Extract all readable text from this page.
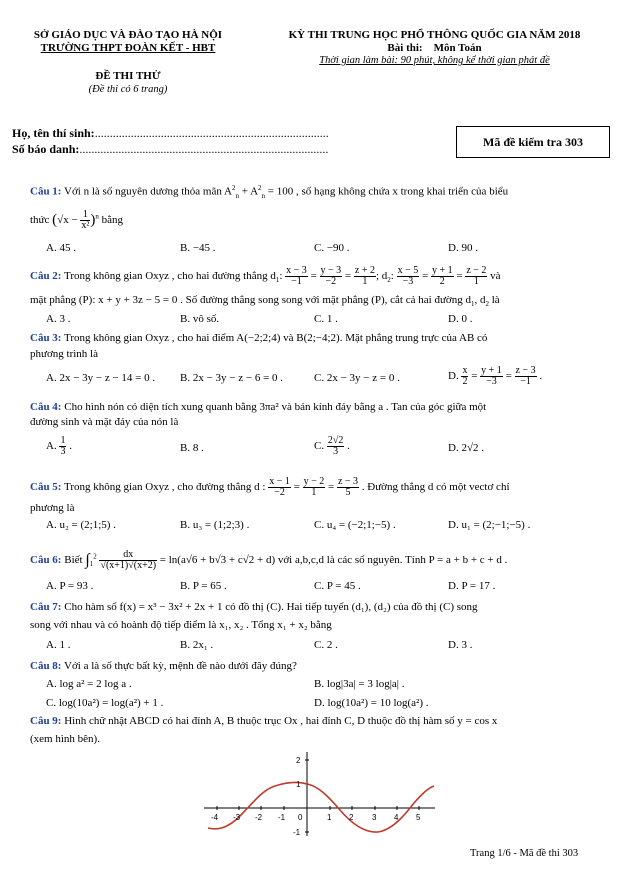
SỞ GIÁO DỤC VÀ ĐÀO TẠO HÀ NỘI
TRƯỜNG THPT ĐOÀN KẾT - HBT
ĐỀ THI THỬ
(Đề thi có 6 trang)
KỲ THI TRUNG HỌC PHỔ THÔNG QUỐC GIA NĂM 2018
Bài thi: Môn Toán
Thời gian làm bài: 90 phút, không kể thời gian phát đề
Họ, tên thí sinh:..............................................................................
Số báo danh:...................................................................................	Mã đề kiểm tra 303
Câu 1: Với n là số nguyên dương thỏa mãn $A^2_n + A^2_n = 100$ , số hạng không chứa x trong khai triển của biểu
thức $(√x - \frac{1}{\text{x²}} )^n$ bằng
A. 45 .	B. −45 .	C. −90 .	D. 90 .
Câu 2: Trong không gian Oxyz , cho hai đường thẳng $d_1$: $\frac{x - 3}{-1} = \frac{y - 3}{-2} = \frac{z + 2}{1}$ ; $d_2$: $\frac{x - 5}{-3} = \frac{y + 1}{2} = \frac{z - 2}{1}$ và
mặt phẳng (P): x + y + 3z − 5 = 0 . Số đường thẳng song song với mặt phẳng (P), cắt cả hai đường $d_1$, $d_2$ là
A. 3 .	B. vô số.	C. 1 .	D. 0 .
Câu 3: Trong không gian Oxyz , cho hai điểm A(−2;2;4) và B(2;−4;2). Mặt phẳng trung trực của AB có
phương trình là
A. 2x − 3y − z − 14 = 0 . B. 2x − 3y − z − 6 = 0 .	C. 2x − 3y − z = 0 .	D. $\frac{x}{2} = \frac{y + 1}{-3} = \frac{z - 3}{-1}$ .
Câu 4: Cho hình nón có diện tích xung quanh bằng 3πa² và bán kính đáy bằng a . Tan của góc giữa một
đường sinh và mặt đáy của nón là
A. $\frac{1}{3}$ .	B. 8 .	C. $\frac{2√2}{3}$ .	D. 2√2 .
Câu 5: Trong không gian Oxyz , cho đường thẳng d : $\frac{x - 1}{-2} = \frac{y - 2}{1} = \frac{z - 3}{5}$ . Đường thẳng d có một vectơ chỉ
phương là
A. u₂ = (2;1;5) .	B. u₃ = (1;2;3) .	C. u₄ = (−2;1;−5) .	D. u₁ = (2;−1;−5) .
Câu 6: Biết $\int_1^2 \frac{dx}{√(x+1)√(x+2)} = \ln(a√6 + b√3 + c√2 + d)$ với a,b,c,d là các số nguyên. Tính P = a + b + c + d .
A. P = 93 .	B. P = 65 .	C. P = 45 .	D. P = 17 .
Câu 7: Cho hàm số f(x) = x³ − 3x² + 2x + 1 có đồ thị (C). Hai tiếp tuyến (d₁), (d₂) của đồ thị (C) song
song với nhau và có hoành độ tiếp điểm là x₁, x₂ . Tổng x₁ + x₂ bằng
A. 1 .	B. 2x₁ .	C. 2 .	D. 3 .
Câu 8: Với a là số thực bất kỳ, mệnh đề nào dưới đây đúng?
A. log a² = 2 log a .	B. log|3a| = 3 log|a| .
C. log(10a²) = log(a²) + 1 .	D. log(10a²) = 10 log(a²) .
Câu 9: Hình chữ nhật ABCD có hai đỉnh A, B thuộc trục Ox , hai đỉnh C, D thuộc đồ thị hàm số y = cos x
(xem hình bên).
-4 -3 -2 -1 0	1 2 3 4 5
2
1
-1
Trang 1/6 - Mã đề thi 303
